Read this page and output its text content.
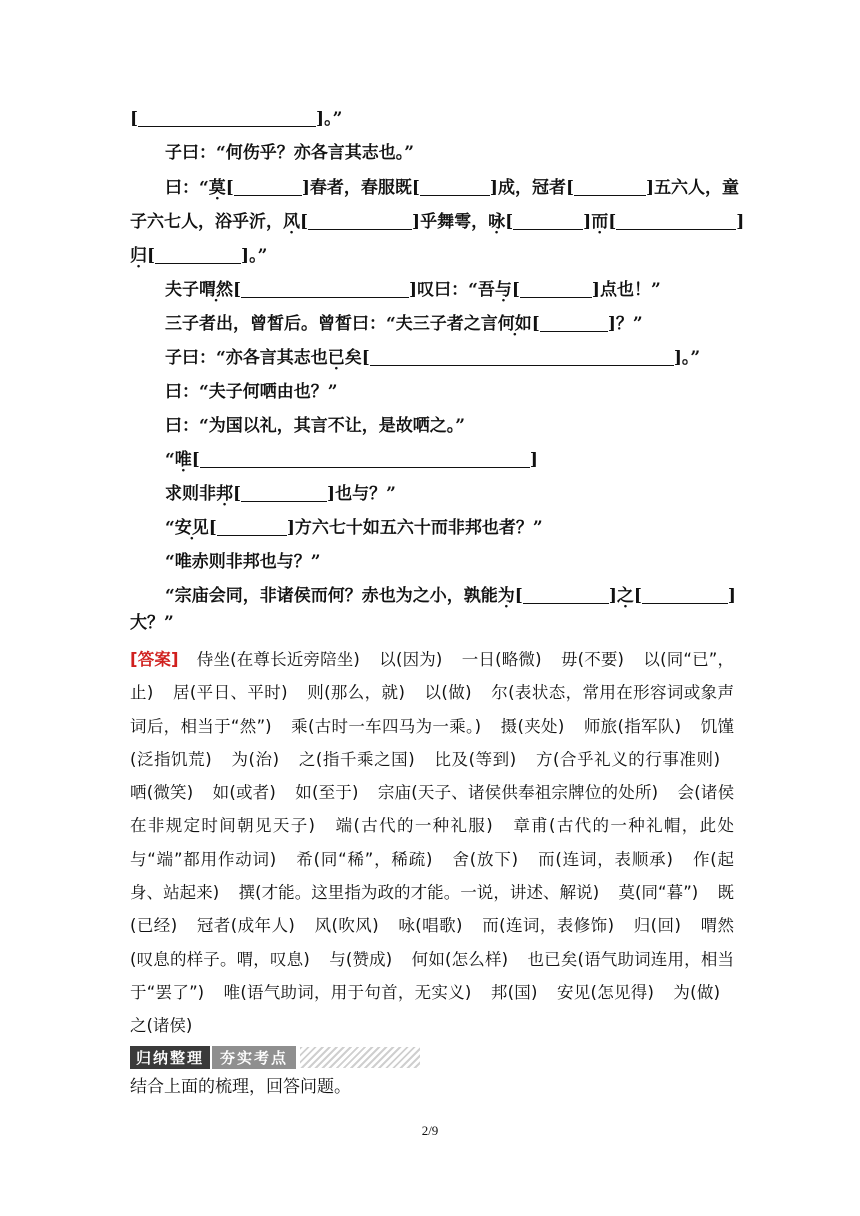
[	]。”
子曰：“何伤乎？亦各言其志也。”
曰：“莫[	]春者，春服既[	]成，冠者[	]五六人，童
子六七人，浴乎沂，风[	]乎舞雩，咏[	]而[	]
归[	]。”
夫子喟然[	]叹曰：“吾与[	]点也！”
三子者出，曾皙后。曾皙曰：“夫三子者之言何如[	]？”
子曰：“亦各言其志也已矣[	]。”
曰：“夫子何哂由也？”
曰：“为国以礼，其言不让，是故哂之。”
“唯[	]
求则非邦[	]也与？”
“安见[	]方六七十如五六十而非邦也者？”
“唯赤则非邦也与？”
“宗庙会同，非诸侯而何？赤也为之小，孰能为[	]之[	]
大？”
[答案] 侍坐(在尊长近旁陪坐) 以(因为) 一日(略微) 毋(不要) 以(同“已”，止) 居(平日、平时) 则(那么，就) 以(做) 尔(表状态，常用在形容词或象声词后，相当于“然”) 乘(古时一车四马为一乘。) 摄(夹处) 师旅(指军队) 饥馑(泛指饥荒) 为(治) 之(指千乘之国) 比及(等到) 方(合乎礼义的行事准则) 哂(微笑) 如(或者) 如(至于) 宗庙(天子、诸侯供奉祖宗牌位的处所) 会(诸侯在非规定时间朝见天子) 端(古代的一种礼服) 章甫(古代的一种礼帽，此处与“端”都用作动词) 希(同“稀”，稀疏) 舍(放下) 而(连词，表顺承) 作(起身、站起来) 撰(才能。这里指为政的才能。一说，讲述、解说) 莫(同“暮”) 既(已经) 冠者(成年人) 风(吹风) 咏(唱歌) 而(连词，表修饰) 归(回) 喟然(叹息的样子。喟，叹息) 与(赞成) 何如(怎么样) 也已矣(语气助词连用，相当于“罢了”) 唯(语气助词，用于句首，无实义) 邦(国) 安见(怎见得) 为(做) 之(诸侯)
归纳整理	夯实考点
结合上面的梳理，回答问题。
2/9
